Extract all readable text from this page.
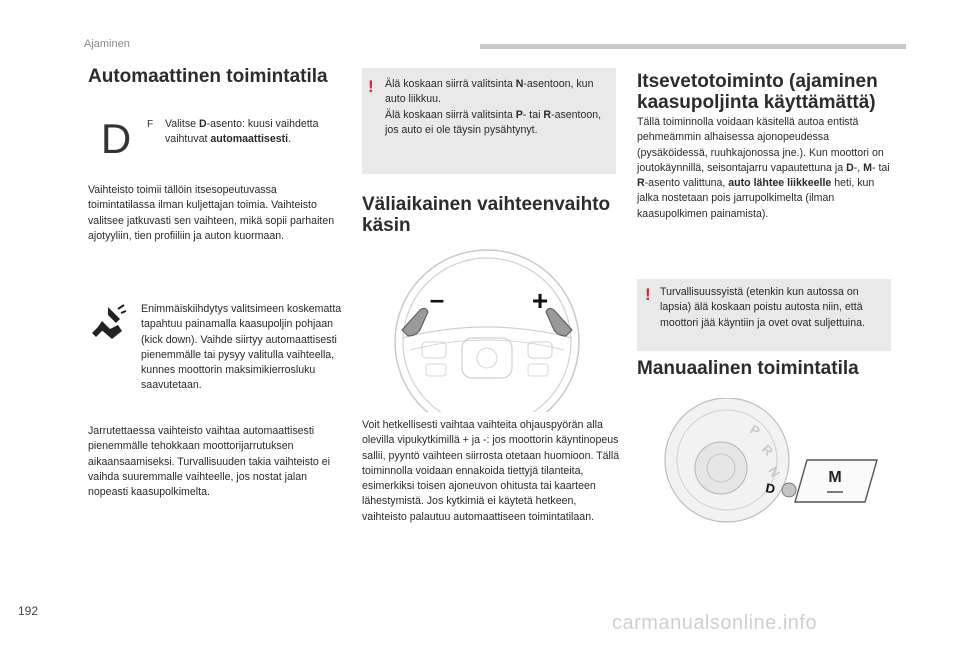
Ajaminen
Automaattinen toimintatila
D	F	Valitse D-asento: kuusi vaihdetta vaihtuvat automaattisesti.

Vaihteisto toimii tällöin itsesopeutuvassa toimintatilassa ilman kuljettajan toimia. Vaihteisto valitsee jatkuvasti sen vaihteen, mikä sopii parhaiten ajotyyliin, tien profiiliin ja auton kuormaan.

Enimmäiskiihdytys valitsimeen koskematta tapahtuu painamalla kaasupoljin pohjaan (kick down). Vaihde siirtyy automaattisesti pienemmälle tai pysyy valitulla vaihteella, kunnes moottorin maksimikierrosluku saavutetaan.

Jarrutettaessa vaihteisto vaihtaa automaattisesti pienemmälle tehokkaan moottorijarrutuksen aikaansaamiseksi. Turvallisuuden takia vaihteisto ei vaihda suuremmalle vaihteelle, jos nostat jalan nopeasti kaasupolkimelta.

! Älä koskaan siirrä valitsinta N-asentoon, kun auto liikkuu.
Älä koskaan siirrä valitsinta P- tai R-asentoon, jos auto ei ole täysin pysähtynyt.

Väliaikainen vaihteenvaihto käsin
–	+

Voit hetkellisesti vaihtaa vaihteita ohjauspyörän alla olevilla vipukytkimillä + ja -: jos moottorin käyntinopeus sallii, pyyntö vaihteen siirrosta otetaan huomioon. Tällä toiminnolla voidaan ennakoida tiettyjä tilanteita, esimerkiksi toisen ajoneuvon ohitusta tai kaarteen lähestymistä. Jos kytkimiä ei käytetä hetkeen, vaihteisto palautuu automaattiseen toimintatilaan.

Itsevetotoiminto (ajaminen kaasupoljinta käyttämättä)

Tällä toiminnolla voidaan käsitellä autoa entistä pehmeämmin alhaisessa ajonopeudessa (pysäköidessä, ruuhkajonossa jne.). Kun moottori on joutokäynnillä, seisontajarru vapautettuna ja D-, M- tai R-asento valittuna, auto lähtee liikkeelle heti, kun jalka nostetaan pois jarrupolkimelta (ilman kaasupolkimen painamista).

! Turvallisuussyistä (etenkin kun autossa on lapsia) älä koskaan poistu autosta niin, että moottori jää käyntiin ja ovet ovat suljettuina.

Manuaalinen toimintatila
P
R
N
D
M
192
carmanualsonline.info
